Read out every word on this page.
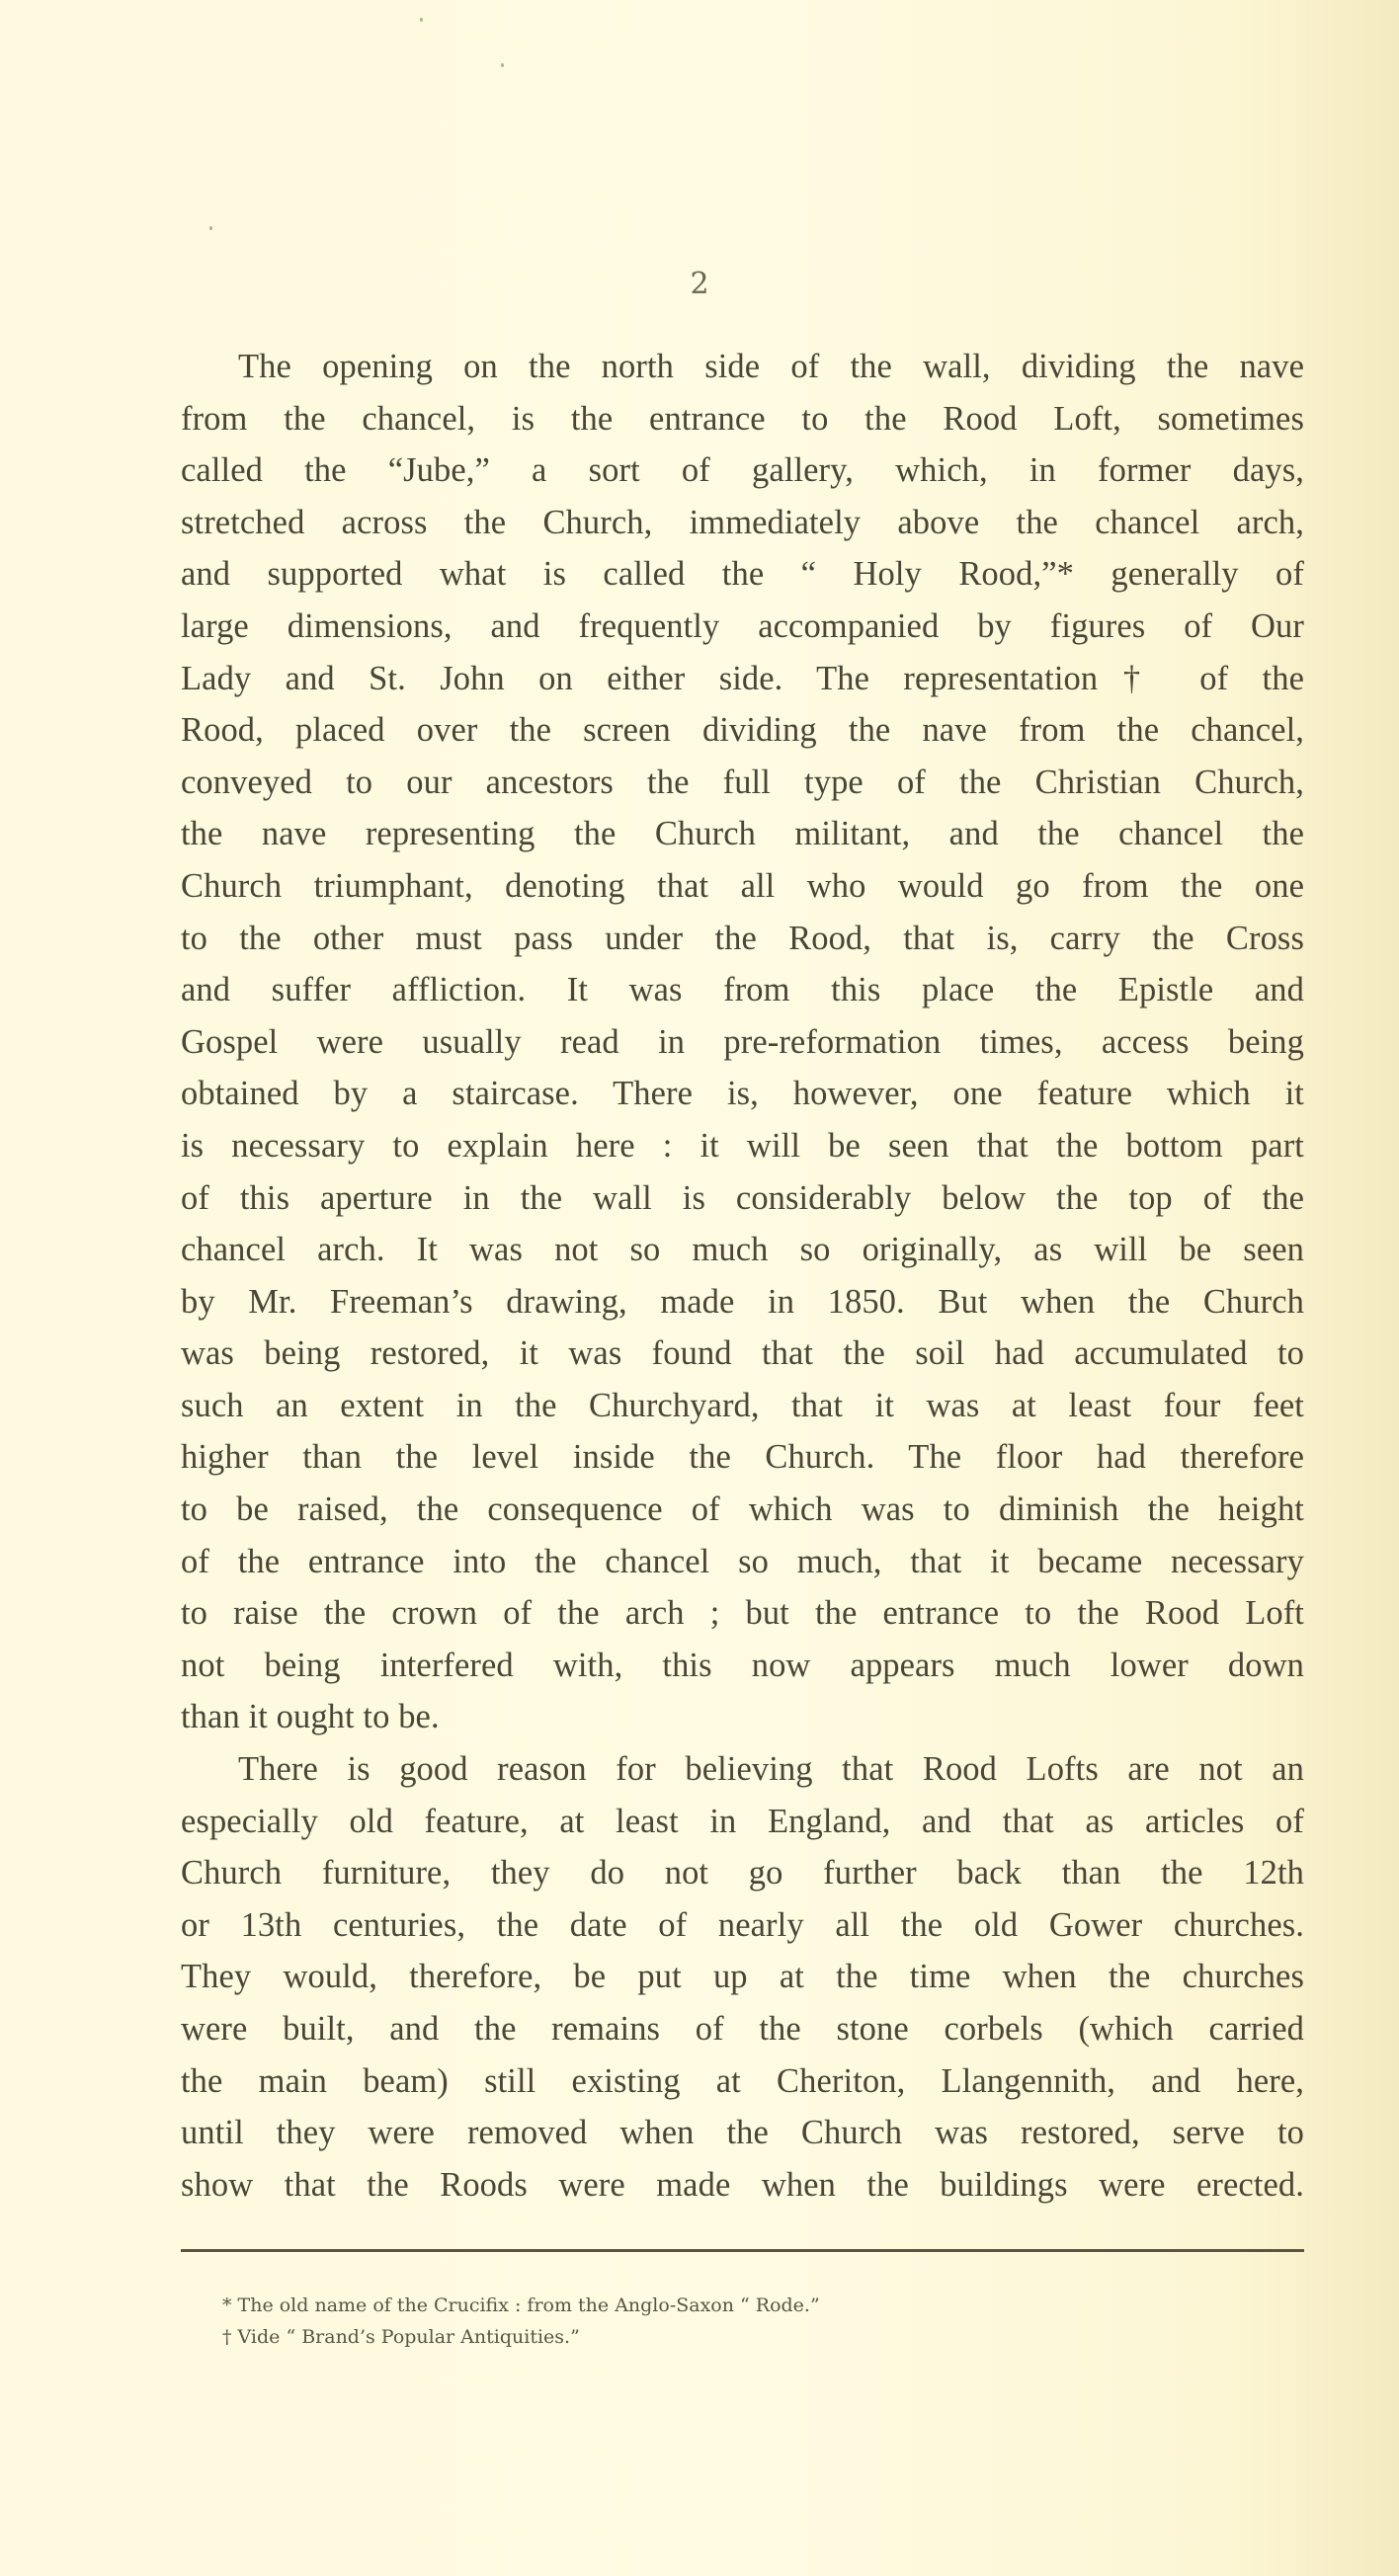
2
The opening on the north side of the wall, dividing the nave
from the chancel, is the entrance to the Rood Loft, sometimes
called the “Jube,” a sort of gallery, which, in former days,
stretched across the Church, immediately above the chancel arch,
and supported what is called the “ Holy Rood,”* generally of
large dimensions, and frequently accompanied by figures of Our
Lady and St. John on either side. The representation† of the
Rood, placed over the screen dividing the nave from the chancel,
conveyed to our ancestors the full type of the Christian Church,
the nave representing the Church militant, and the chancel the
Church triumphant, denoting that all who would go from the one
to the other must pass under the Rood, that is, carry the Cross
and suffer affliction. It was from this place the Epistle and
Gospel were usually read in pre-reformation times, access being
obtained by a staircase. There is, however, one feature which it
is necessary to explain here : it will be seen that the bottom part
of this aperture in the wall is considerably below the top of the
chancel arch. It was not so much so originally, as will be seen
by Mr. Freeman’s drawing, made in 1850. But when the Church
was being restored, it was found that the soil had accumulated to
such an extent in the Churchyard, that it was at least four feet
higher than the level inside the Church. The floor had therefore
to be raised, the consequence of which was to diminish the height
of the entrance into the chancel so much, that it became necessary
to raise the crown of the arch ; but the entrance to the Rood Loft
not being interfered with, this now appears much lower down
than it ought to be.
There is good reason for believing that Rood Lofts are not an
especially old feature, at least in England, and that as articles of
Church furniture, they do not go further back than the 12th
or 13th centuries, the date of nearly all the old Gower churches.
They would, therefore, be put up at the time when the churches
were built, and the remains of the stone corbels (which carried
the main beam) still existing at Cheriton, Llangennith, and here,
until they were removed when the Church was restored, serve to
show that the Roods were made when the buildings were erected.
* The old name of the Crucifix : from the Anglo-Saxon “ Rode.”
† Vide “ Brand’s Popular Antiquities.”
